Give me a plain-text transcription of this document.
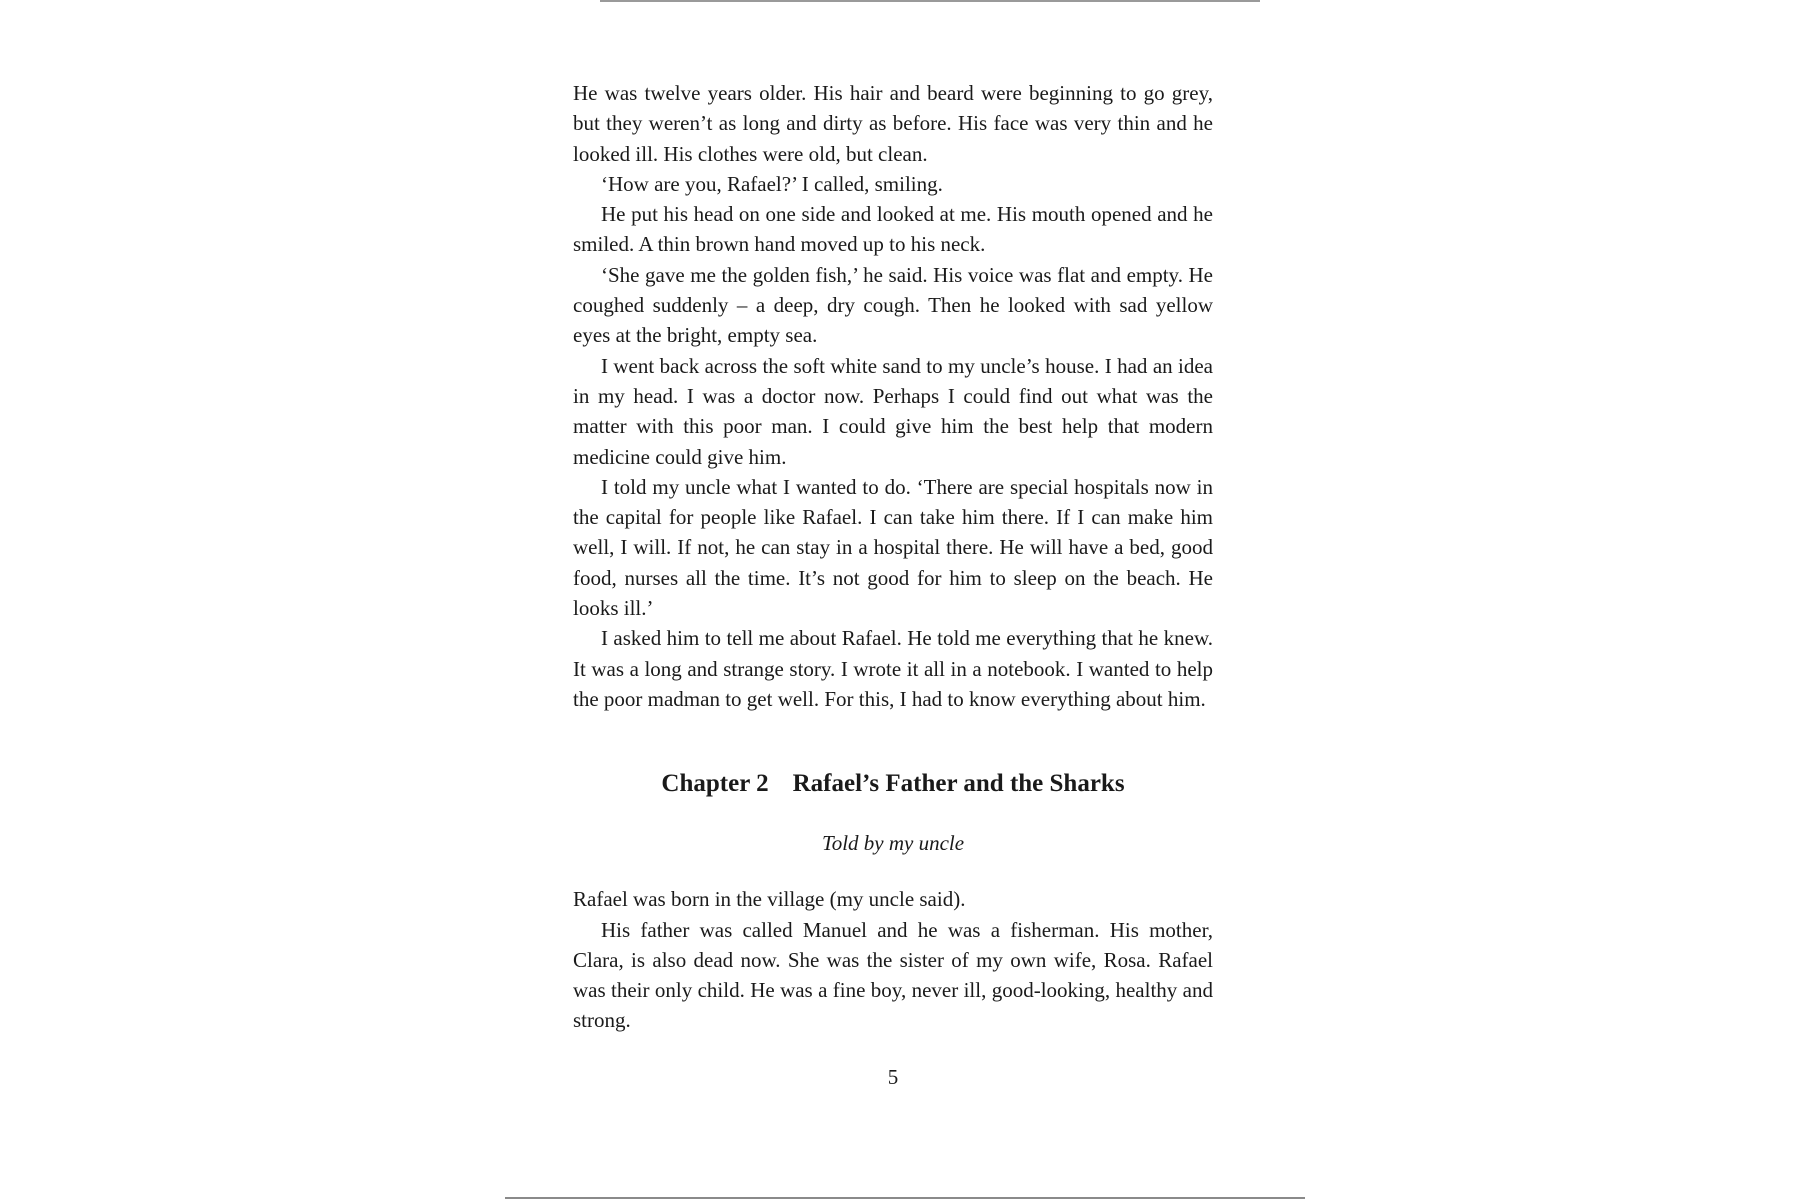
He was twelve years older. His hair and beard were beginning to go grey, but they weren’t as long and dirty as before. His face was very thin and he looked ill. His clothes were old, but clean.

‘How are you, Rafael?’ I called, smiling.

He put his head on one side and looked at me. His mouth opened and he smiled. A thin brown hand moved up to his neck.

‘She gave me the golden fish,’ he said. His voice was flat and empty. He coughed suddenly – a deep, dry cough. Then he looked with sad yellow eyes at the bright, empty sea.

I went back across the soft white sand to my uncle’s house. I had an idea in my head. I was a doctor now. Perhaps I could find out what was the matter with this poor man. I could give him the best help that modern medicine could give him.

I told my uncle what I wanted to do. ‘There are special hospitals now in the capital for people like Rafael. I can take him there. If I can make him well, I will. If not, he can stay in a hospital there. He will have a bed, good food, nurses all the time. It’s not good for him to sleep on the beach. He looks ill.’

I asked him to tell me about Rafael. He told me everything that he knew. It was a long and strange story. I wrote it all in a notebook. I wanted to help the poor madman to get well. For this, I had to know everything about him.

Chapter 2 Rafael’s Father and the Sharks
Told by my uncle

Rafael was born in the village (my uncle said).

His father was called Manuel and he was a fisherman. His mother, Clara, is also dead now. She was the sister of my own wife, Rosa. Rafael was their only child. He was a fine boy, never ill, good-looking, healthy and strong.

5
